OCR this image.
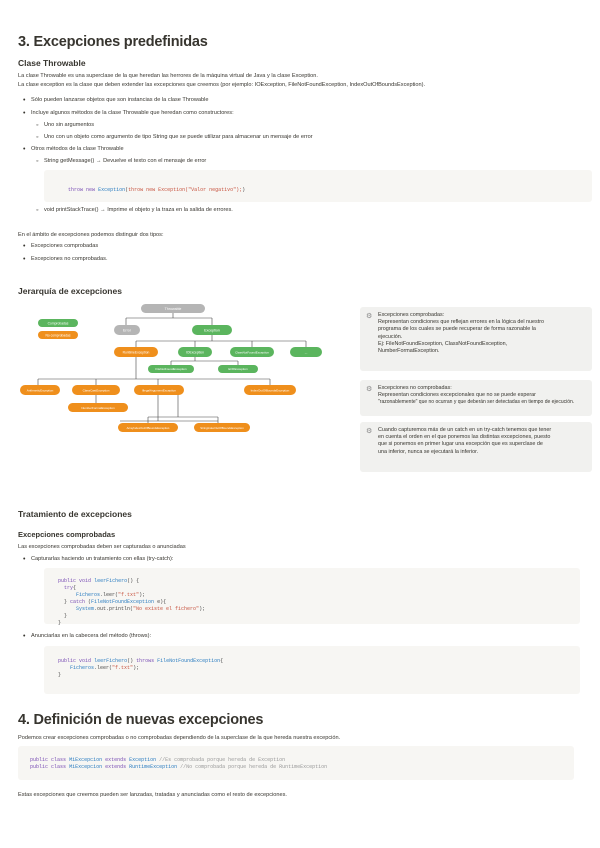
3. Excepciones predefinidas
Clase Throwable

La clase Throwable es una superclase de la que heredan las herrores de la máquina virtual de Java y la clase Exception.

La clase exception es la clase que deben extender las excepciones que creemos (por ejemplo: IOException, FileNotFoundException, IndexOutOfBoundsException).

• Sólo pueden lanzarse objetos que son instancias de la clase Throwable
• Incluye algunos métodos de la clase Throwable que heredan como constructores:
◦ Uno sin argumentos
◦ Uno con un objeto como argumento de tipo String que se puede utilizar para almacenar un mensaje de error
• Otros métodos de la clase Throwable
◦ String getMessage() → Devuelve el texto con el mensaje de error

throw new Exception(throw new Exception("Valor negativo");)

◦ void printStackTrace() → Imprime el objeto y la traza en la salida de errores.

En el ámbito de excepciones podemos distinguir dos tipos:

• Excepciones comprobadas
• Excepciones no comprobadas.
Jerarquía de excepciones
Throwable
Error	Exception
Comprobadas
No comprobadas
RuntimeException	IOException	ClassNotFoundException	...
FileNotFoundException	EOFException
ArithmeticException	ClassCastException	IllegalArgumentException	IndexOutOfBoundsException
NumberFormatException
ArrayIndexOutOfBoundsException	StringIndexOutOfBoundsException
⚙ Excepciones comprobadas:
Representan condiciones que reflejan errores en la lógica del nuestro
programa de los cuales se puede recuperar de forma razonable la
ejecución.
Ej: FileNotFoundException, ClassNotFoundException,
NumberFormatException.
⚙ Excepciones no comprobadas:
Representan condiciones excepcionales que no se puede esperar
"razonablemente" que no ocurran y que deberán ser detectadas en tiempo de ejecución.
⚙ Cuando capturemos más de un catch en un try-catch tenemos que tener
en cuenta el orden en el que ponemos las distintas excepciones, puesto
que si ponemos en primer lugar una excepción que es superclase de
una inferior, nunca se ejecutará la inferior.
Tratamiento de excepciones
Excepciones comprobadas

Las excepciones comprobadas deben ser capturadas o anunciadas

• Capturarlas haciendo un tratamiento con ellas (try-catch):
public void leerFichero() {
try{
Ficheros.leer("f.txt");
} catch (FileNotFoundException e){
System.out.println("No existe el fichero");
}
}
• Anunciarlas en la cabecera del método (throws):
public void leerFichero() throws FileNotFoundException{
Ficheros.leer("f.txt");
}
4. Definición de nuevas excepciones

Podemos crear excepciones comprobadas o no comprobadas dependiendo de la superclase de la que hereda nuestra excepción.

public class MiExcepcion extends Exception //Es comprobada porque hereda de Exception
public class MiExcepcion extends RuntimeException //No comprobada porque hereda de RuntimeException

Estas excepciones que creemos pueden ser lanzadas, tratadas y anunciadas como el resto de excepciones.
